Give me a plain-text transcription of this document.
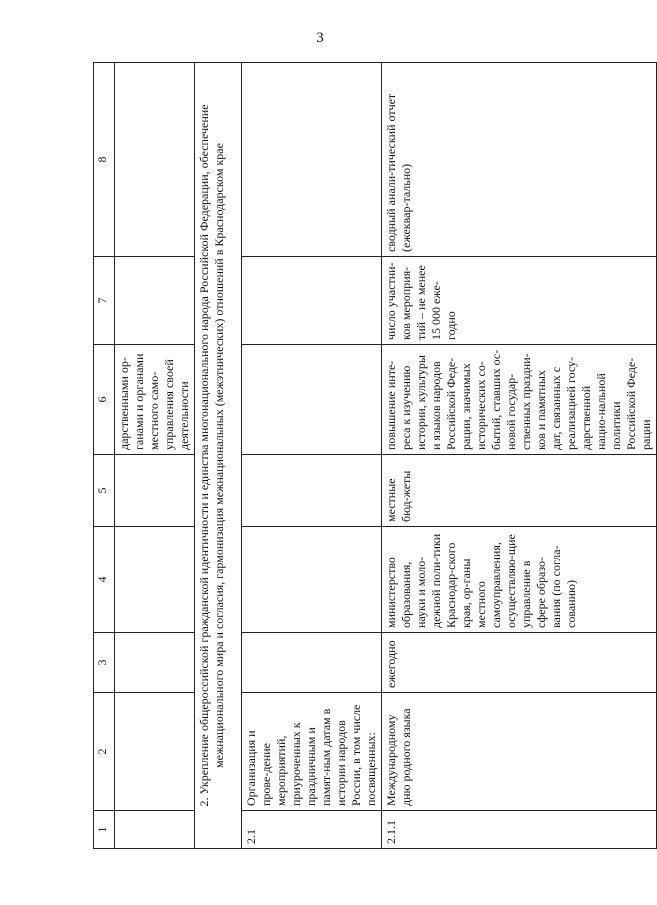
3
1	2	3	4	5	6	7	8
					дарственными ор-ганами и органами местного само-управления своей деятельности		
2. Укрепление общероссийской гражданской идентичности и единства многонационального народа Российской Федерации, обеспечение межнационального мира и согласия, гармонизация межнациональных (межэтнических) отношений в Краснодарском крае							
2.1	Организация и прове-дение мероприятий, приуроченных к праздничным и памят-ным датам в истории народов России, в том числе посвященных:						
2.1.1	Международному дню родного языка	ежегодно	министерство образования, науки и моло-дежной поли-тики Краснодар-ского края, ор-ганы местного самоуправления, осуществляю-щие управление в сфере образо-вания (по согла-сованию)	местные бюд-жеты	повышение инте-реса к изучению истории, культуры и языков народов Российской Феде-рации, значимых исторических со-бытий, ставших ос-новой государ-ственных праздни-ков и памятных дат, связанных с реализацией госу-дарственной нацио-нальной политики Российской Феде-рации	число участни-ков мероприя-тий – не менее 15 000 еже-годно	сводный анали-тический отчет (ежеквар-тально)
